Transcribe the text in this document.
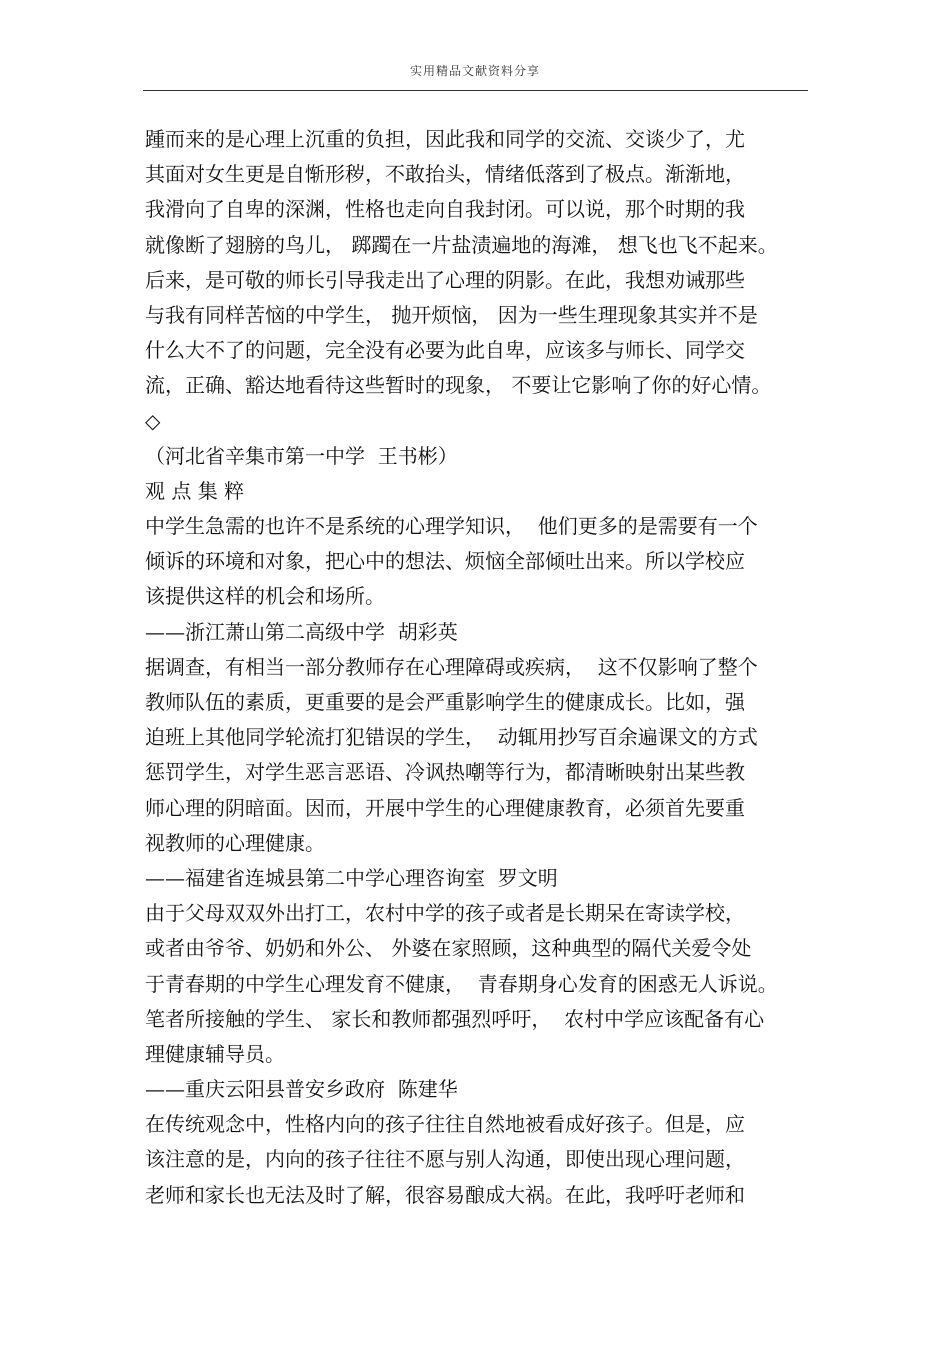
实用精品文献资料分享
踵而来的是心理上沉重的负担，因此我和同学的交流、交谈少了，尤
其面对女生更是自惭形秽，不敢抬头，情绪低落到了极点。渐渐地，
我滑向了自卑的深渊，性格也走向自我封闭。可以说，那个时期的我
就像断了翅膀的鸟儿， 踯躅在一片盐渍遍地的海滩， 想飞也飞不起来。
后来，是可敬的师长引导我走出了心理的阴影。在此，我想劝诫那些
与我有同样苦恼的中学生， 抛开烦恼， 因为一些生理现象其实并不是
什么大不了的问题，完全没有必要为此自卑，应该多与师长、同学交
流，正确、豁达地看待这些暂时的现象， 不要让它影响了你的好心情。
◇
（河北省辛集市第一中学  王书彬）
观 点 集 粹
中学生急需的也许不是系统的心理学知识，  他们更多的是需要有一个
倾诉的环境和对象，把心中的想法、烦恼全部倾吐出来。所以学校应
该提供这样的机会和场所。
——浙江萧山第二高级中学  胡彩英
据调查，有相当一部分教师存在心理障碍或疾病，  这不仅影响了整个
教师队伍的素质，更重要的是会严重影响学生的健康成长。比如，强
迫班上其他同学轮流打犯错误的学生，  动辄用抄写百余遍课文的方式
惩罚学生，对学生恶言恶语、冷讽热嘲等行为，都清晰映射出某些教
师心理的阴暗面。因而，开展中学生的心理健康教育，必须首先要重
视教师的心理健康。
——福建省连城县第二中学心理咨询室  罗文明
由于父母双双外出打工，农村中学的孩子或者是长期呆在寄读学校，
或者由爷爷、奶奶和外公、 外婆在家照顾，这种典型的隔代关爱令处
于青春期的中学生心理发育不健康，  青春期身心发育的困惑无人诉说。
笔者所接触的学生、 家长和教师都强烈呼吁，  农村中学应该配备有心
理健康辅导员。
——重庆云阳县普安乡政府  陈建华
在传统观念中，性格内向的孩子往往自然地被看成好孩子。但是，应
该注意的是，内向的孩子往往不愿与别人沟通，即使出现心理问题，
老师和家长也无法及时了解，很容易酿成大祸。在此，我呼吁老师和
